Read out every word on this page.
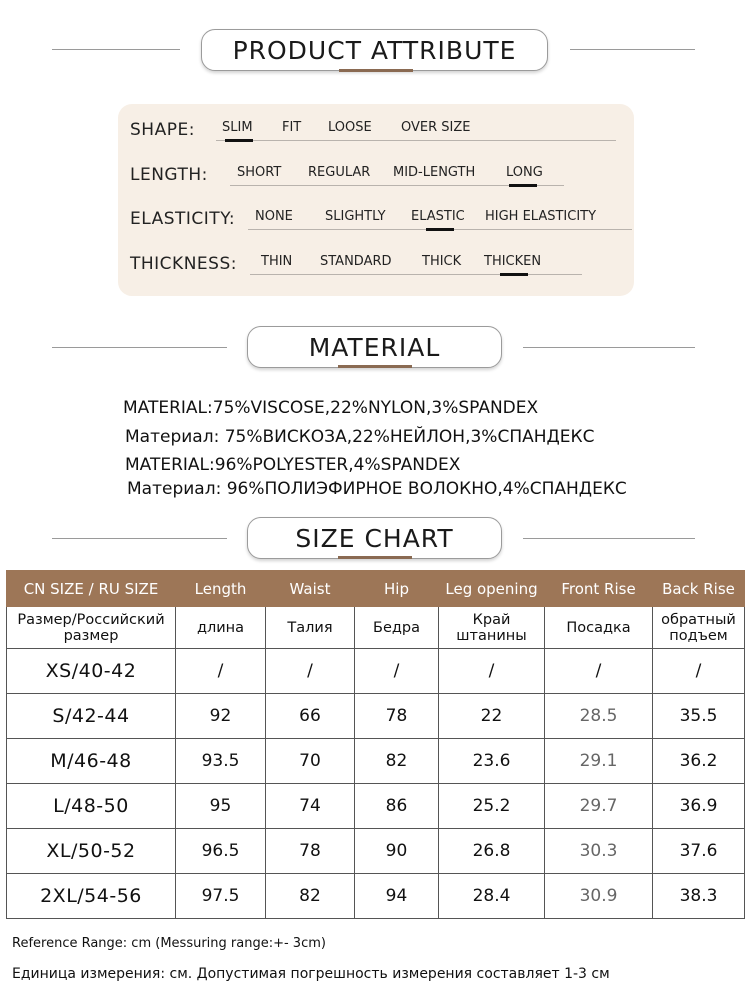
PRODUCT ATTRIBUTE
SHAPE: SLIM FIT LOOSE OVER SIZE
LENGTH: SHORT REGULAR MID-LENGTH LONG
ELASTICITY: NONE SLIGHTLY ELASTIC HIGH ELASTICITY
THICKNESS: THIN STANDARD THICK THICKEN
MATERIAL
MATERIAL:75%VISCOSE,22%NYLON,3%SPANDEX
Материал: 75%ВИСКОЗА,22%НЕЙЛОН,3%СПАНДЕКС
MATERIAL:96%POLYESTER,4%SPANDEX
Материал: 96%ПОЛИЭФИРНОЕ ВОЛОКНО,4%СПАНДЕКС
SIZE CHART
CN SIZE / RU SIZE	Length	Waist	Hip	Leg opening	Front Rise	Back Rise
Размер/Российский размер	длина	Талия	Бедра	Край штанины	Посадка	обратный подъем
XS/40-42	/	/	/	/	/	/
S/42-44	92	66	78	22	28.5	35.5
M/46-48	93.5	70	82	23.6	29.1	36.2
L/48-50	95	74	86	25.2	29.7	36.9
XL/50-52	96.5	78	90	26.8	30.3	37.6
2XL/54-56	97.5	82	94	28.4	30.9	38.3
Reference Range: cm (Messuring range:+- 3cm)
Единица измерения: см. Допустимая погрешность измерения составляет 1-3 см
